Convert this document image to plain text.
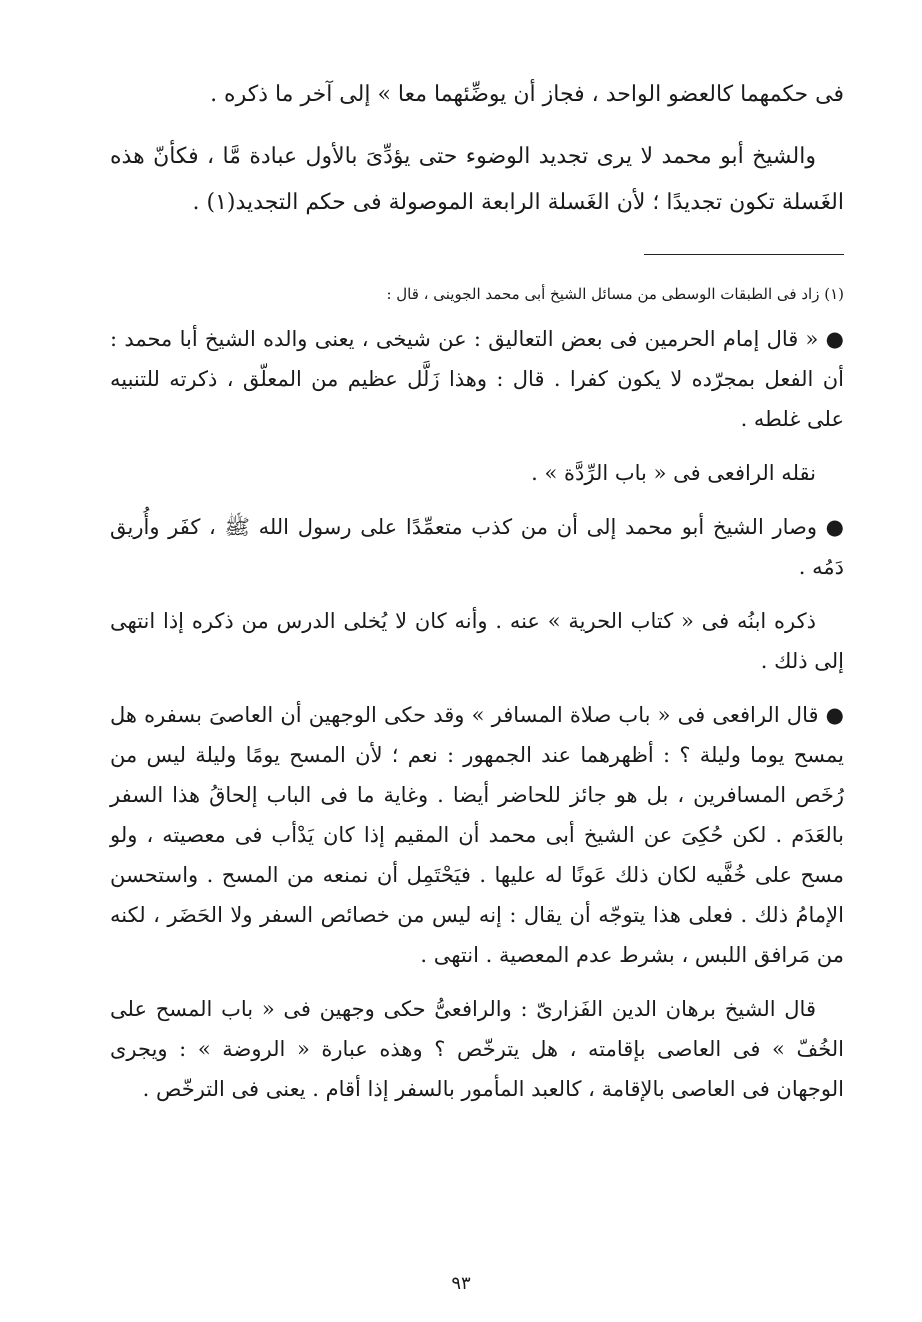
فى حكمهما كالعضو الواحد ، فجاز أن يوضِّئهما معا » إلى آخر ما ذكره .

والشيخ أبو محمد لا يرى تجديد الوضوء حتى يؤدِّىَ بالأول عبادة مَّا ، فكأنّ هذه الغَسلة تكون تجديدًا ؛ لأن الغَسلة الرابعة الموصولة فى حكم التجديد(١) .

(١) زاد فى الطبقات الوسطى من مسائل الشيخ أبى محمد الجوينى ، قال :

● « قال إمام الحرمين فى بعض التعاليق : عن شيخى ، يعنى والده الشيخ أبا محمد : أن الفعل بمجرّده لا يكون كفرا . قال : وهذا زَلَّل عظيم من المعلّق ، ذكرته للتنبيه على غلطه .

نقله الرافعى فى « باب الرِّدَّة » .

● وصار الشيخ أبو محمد إلى أن من كذب متعمِّدًا على رسول الله ﷺ ، كفَر وأُريق دَمُه .

ذكره ابنُه فى « كتاب الحرية » عنه . وأنه كان لا يُخلى الدرس من ذكره إذا انتهى إلى ذلك .

● قال الرافعى فى « باب صلاة المسافر » وقد حكى الوجهين أن العاصىَ بسفره هل يمسح يوما وليلة ؟ : أظهرهما عند الجمهور : نعم ؛ لأن المسح يومًا وليلة ليس من رُخَص المسافرين ، بل هو جائز للحاضر أيضا . وغاية ما فى الباب إلحاقُ هذا السفر بالعَدَم . لكن حُكِىَ عن الشيخ أبى محمد أن المقيم إذا كان يَدْأب فى معصيته ، ولو مسح على خُفَّيه لكان ذلك عَونًا له عليها . فيَحْتَمِل أن نمنعه من المسح . واستحسن الإمامُ ذلك . فعلى هذا يتوجّه أن يقال : إنه ليس من خصائص السفر ولا الحَضَر ، لكنه من مَرافق اللبس ، بشرط عدم المعصية . انتهى .

قال الشيخ برهان الدين الفَزارىّ : والرافعىُّ حكى وجهين فى « باب المسح على الخُفّ » فى العاصى بإقامته ، هل يترخّص ؟ وهذه عبارة « الروضة » : ويجرى الوجهان فى العاصى بالإقامة ، كالعبد المأمور بالسفر إذا أقام . يعنى فى الترخّص .

٩٣
